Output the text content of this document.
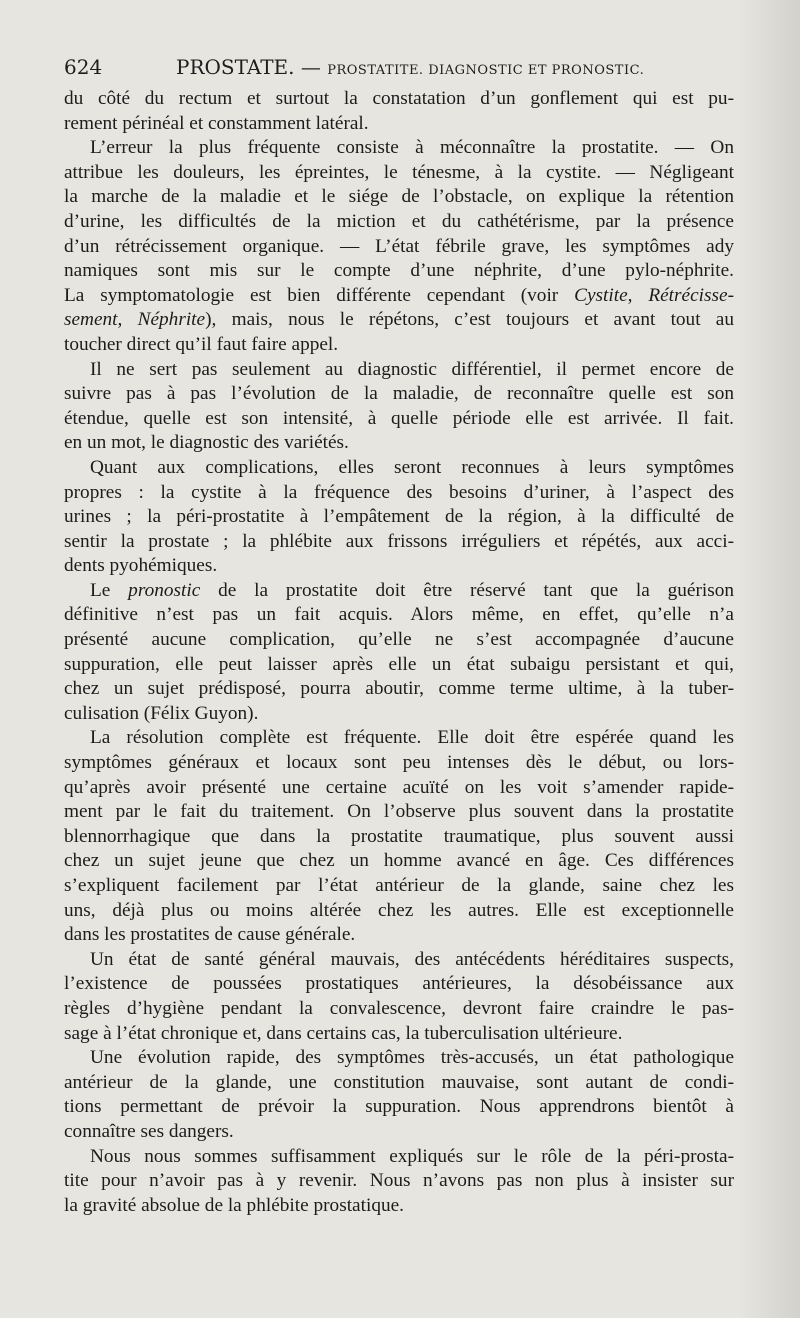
624	PROSTATE. — PROSTATITE. DIAGNOSTIC ET PRONOSTIC.
du côté du rectum et surtout la constatation d’un gonflement qui est pu-
rement périnéal et constamment latéral.
L’erreur la plus fréquente consiste à méconnaître la prostatite. — On
attribue les douleurs, les épreintes, le ténesme, à la cystite. — Négligeant
la marche de la maladie et le siége de l’obstacle, on explique la rétention
d’urine, les difficultés de la miction et du cathétérisme, par la présence
d’un rétrécissement organique. — L’état fébrile grave, les symptômes ady
namiques sont mis sur le compte d’une néphrite, d’une pylo-néphrite.
La symptomatologie est bien différente cependant (voir Cystite, Rétrécisse-
sement, Néphrite), mais, nous le répétons, c’est toujours et avant tout au
toucher direct qu’il faut faire appel.
Il ne sert pas seulement au diagnostic différentiel, il permet encore de
suivre pas à pas l’évolution de la maladie, de reconnaître quelle est son
étendue, quelle est son intensité, à quelle période elle est arrivée. Il fait.
en un mot, le diagnostic des variétés.
Quant aux complications, elles seront reconnues à leurs symptômes
propres : la cystite à la fréquence des besoins d’uriner, à l’aspect des
urines ; la péri-prostatite à l’empâtement de la région, à la difficulté de
sentir la prostate ; la phlébite aux frissons irréguliers et répétés, aux acci-
dents pyohémiques.
Le pronostic de la prostatite doit être réservé tant que la guérison
définitive n’est pas un fait acquis. Alors même, en effet, qu’elle n’a
présenté aucune complication, qu’elle ne s’est accompagnée d’aucune
suppuration, elle peut laisser après elle un état subaigu persistant et qui,
chez un sujet prédisposé, pourra aboutir, comme terme ultime, à la tuber-
culisation (Félix Guyon).
La résolution complète est fréquente. Elle doit être espérée quand les
symptômes généraux et locaux sont peu intenses dès le début, ou lors-
qu’après avoir présenté une certaine acuïté on les voit s’amender rapide-
ment par le fait du traitement. On l’observe plus souvent dans la prostatite
blennorrhagique que dans la prostatite traumatique, plus souvent aussi
chez un sujet jeune que chez un homme avancé en âge. Ces différences
s’expliquent facilement par l’état antérieur de la glande, saine chez les
uns, déjà plus ou moins altérée chez les autres. Elle est exceptionnelle
dans les prostatites de cause générale.
Un état de santé général mauvais, des antécédents héréditaires suspects,
l’existence de poussées prostatiques antérieures, la désobéissance aux
règles d’hygiène pendant la convalescence, devront faire craindre le pas-
sage à l’état chronique et, dans certains cas, la tuberculisation ultérieure.
Une évolution rapide, des symptômes très-accusés, un état pathologique
antérieur de la glande, une constitution mauvaise, sont autant de condi-
tions permettant de prévoir la suppuration. Nous apprendrons bientôt à
connaître ses dangers.
Nous nous sommes suffisamment expliqués sur le rôle de la péri-prosta-
tite pour n’avoir pas à y revenir. Nous n’avons pas non plus à insister sur
la gravité absolue de la phlébite prostatique.
